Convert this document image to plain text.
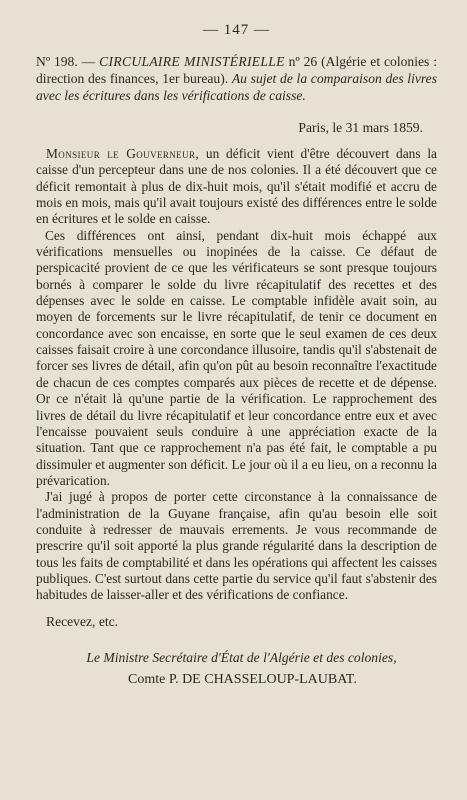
— 147 —

Nº 198. — CIRCULAIRE MINISTÉRIELLE nº 26 (Algérie et colonies : direction des finances, 1er bureau). Au sujet de la comparaison des livres avec les écritures dans les vérifications de caisse.

Paris, le 31 mars 1859.

Monsieur le Gouverneur, un déficit vient d'être découvert dans la caisse d'un percepteur dans une de nos colonies. Il a été découvert que ce déficit remontait à plus de dix-huit mois, qu'il s'était modifié et accru de mois en mois, mais qu'il avait toujours existé des différences entre le solde en écritures et le solde en caisse.

Ces différences ont ainsi, pendant dix-huit mois échappé aux vérifications mensuelles ou inopinées de la caisse. Ce défaut de perspicacité provient de ce que les vérificateurs se sont presque toujours bornés à comparer le solde du livre récapitulatif des recettes et des dépenses avec le solde en caisse. Le comptable infidèle avait soin, au moyen de forcements sur le livre récapitulatif, de tenir ce document en concordance avec son encaisse, en sorte que le seul examen de ces deux caisses faisait croire à une corcondance illusoire, tandis qu'il s'abstenait de forcer ses livres de détail, afin qu'on pût au besoin reconnaître l'exactitude de chacun de ces comptes comparés aux pièces de recette et de dépense. Or ce n'était là qu'une partie de la vérification. Le rapprochement des livres de détail du livre récapitulatif et leur concordance entre eux et avec l'encaisse pouvaient seuls conduire à une appréciation exacte de la situation. Tant que ce rapprochement n'a pas été fait, le comptable a pu dissimuler et augmenter son déficit. Le jour où il a eu lieu, on a reconnu la prévarication.

J'ai jugé à propos de porter cette circonstance à la connaissance de l'administration de la Guyane française, afin qu'au besoin elle soit conduite à redresser de mauvais errements. Je vous recommande de prescrire qu'il soit apporté la plus grande régularité dans la description de tous les faits de comptabilité et dans les opérations qui affectent les caisses publiques. C'est surtout dans cette partie du service qu'il faut s'abstenir des habitudes de laisser-aller et des vérifications de confiance.

Recevez, etc.
Le Ministre Secrétaire d'État de l'Algérie et des colonies,
Comte P. DE CHASSELOUP-LAUBAT.
